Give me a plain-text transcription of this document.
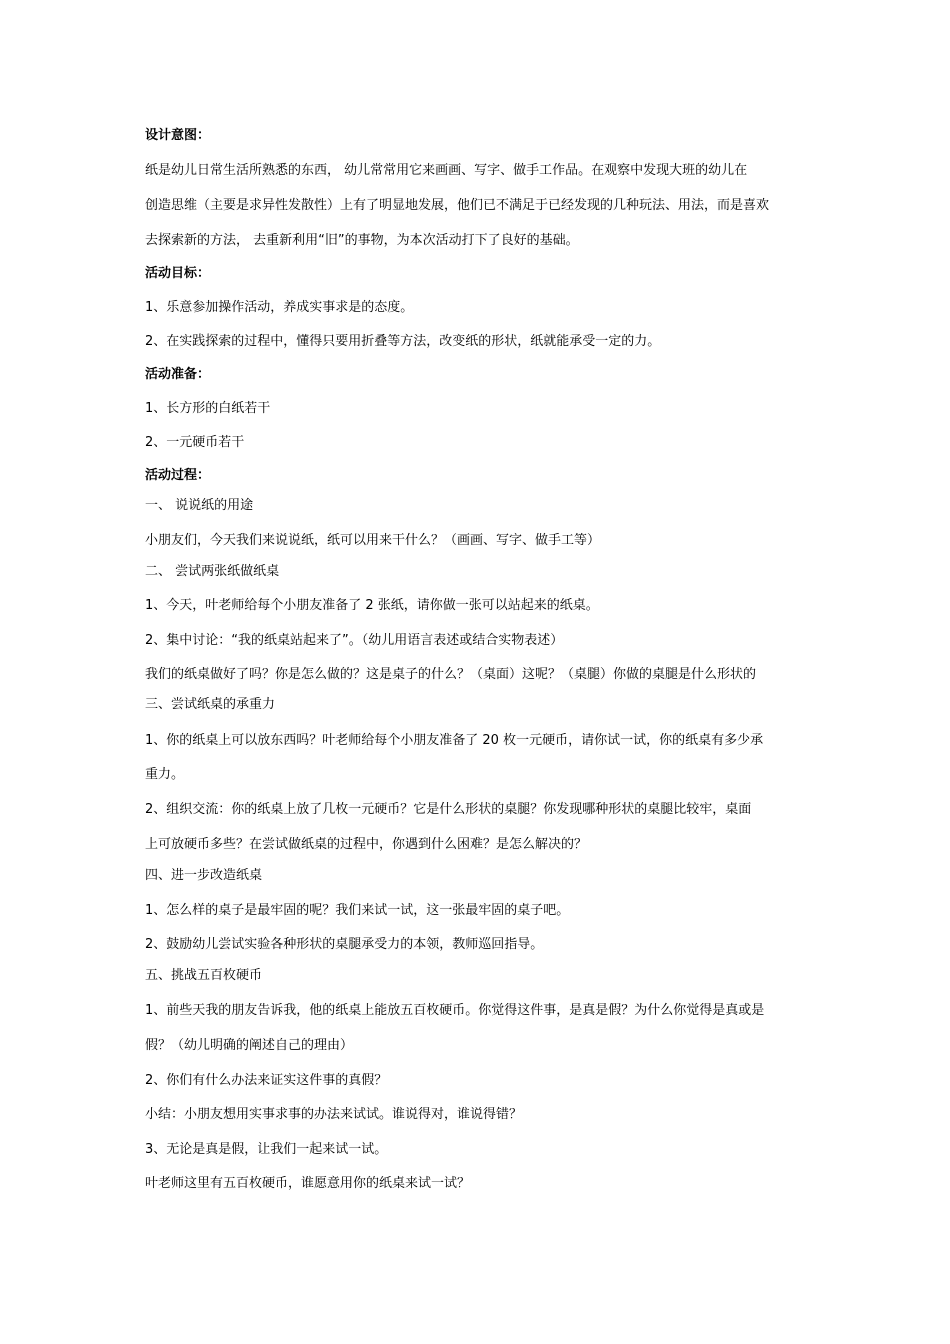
设计意图：
纸是幼儿日常生活所熟悉的东西， 幼儿常常用它来画画、写字、做手工作品。在观察中发现大班的幼儿在
创造思维（主要是求异性发散性）上有了明显地发展，他们已不满足于已经发现的几种玩法、用法，而是喜欢
去探索新的方法， 去重新利用“旧”的事物，为本次活动打下了良好的基础。
活动目标：
1、乐意参加操作活动，养成实事求是的态度。
2、在实践探索的过程中，懂得只要用折叠等方法，改变纸的形状，纸就能承受一定的力。
活动准备：
1、长方形的白纸若干
2、一元硬币若干
活动过程：
一、 说说纸的用途
小朋友们，今天我们来说说纸，纸可以用来干什么？（画画、写字、做手工等）
二、 尝试两张纸做纸桌
1、今天，叶老师给每个小朋友准备了 2 张纸，请你做一张可以站起来的纸桌。
2、集中讨论：“我的纸桌站起来了”。（幼儿用语言表述或结合实物表述）
我们的纸桌做好了吗？你是怎么做的？这是桌子的什么？（桌面）这呢？（桌腿）你做的桌腿是什么形状的
三、尝试纸桌的承重力
1、你的纸桌上可以放东西吗？叶老师给每个小朋友准备了 20 枚一元硬币，请你试一试，你的纸桌有多少承
重力。
2、组织交流：你的纸桌上放了几枚一元硬币？它是什么形状的桌腿？你发现哪种形状的桌腿比较牢，桌面
上可放硬币多些？在尝试做纸桌的过程中，你遇到什么困难？是怎么解决的？
四、进一步改造纸桌
1、怎么样的桌子是最牢固的呢？我们来试一试，这一张最牢固的桌子吧。
2、鼓励幼儿尝试实验各种形状的桌腿承受力的本领，教师巡回指导。
五、挑战五百枚硬币
1、前些天我的朋友告诉我，他的纸桌上能放五百枚硬币。你觉得这件事，是真是假？为什么你觉得是真或是
假？（幼儿明确的阐述自己的理由）
2、你们有什么办法来证实这件事的真假？
小结：小朋友想用实事求事的办法来试试。谁说得对，谁说得错？
3、无论是真是假，让我们一起来试一试。
叶老师这里有五百枚硬币，谁愿意用你的纸桌来试一试？
